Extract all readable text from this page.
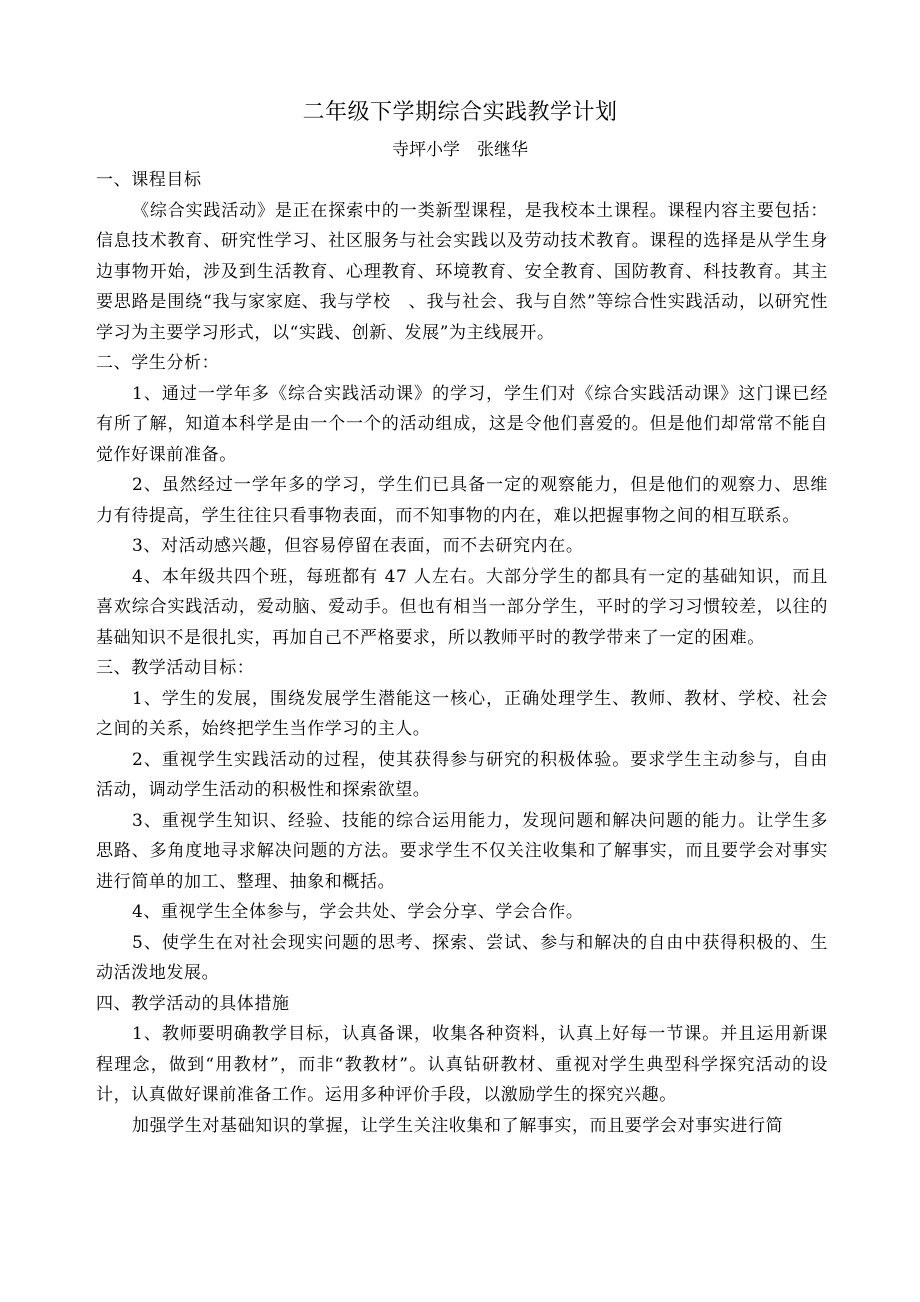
二年级下学期综合实践教学计划
寺坪小学　张继华

一、课程目标

《综合实践活动》是正在探索中的一类新型课程，是我校本土课程。课程内容主要包括：信息技术教育、研究性学习、社区服务与社会实践以及劳动技术教育。课程的选择是从学生身边事物开始，涉及到生活教育、心理教育、环境教育、安全教育、国防教育、科技教育。其主要思路是围绕“我与家家庭、我与学校　、我与社会、我与自然”等综合性实践活动，以研究性学习为主要学习形式，以“实践、创新、发展”为主线展开。

二、学生分析：

1、通过一学年多《综合实践活动课》的学习，学生们对《综合实践活动课》这门课已经有所了解，知道本科学是由一个一个的活动组成，这是令他们喜爱的。但是他们却常常不能自觉作好课前准备。

2、虽然经过一学年多的学习，学生们已具备一定的观察能力，但是他们的观察力、思维力有待提高，学生往往只看事物表面，而不知事物的内在，难以把握事物之间的相互联系。

3、对活动感兴趣，但容易停留在表面，而不去研究内在。

4、本年级共四个班，每班都有 47 人左右。大部分学生的都具有一定的基础知识，而且喜欢综合实践活动，爱动脑、爱动手。但也有相当一部分学生，平时的学习习惯较差，以往的基础知识不是很扎实，再加自己不严格要求，所以教师平时的教学带来了一定的困难。

三、教学活动目标：

1、学生的发展，围绕发展学生潜能这一核心，正确处理学生、教师、教材、学校、社会之间的关系，始终把学生当作学习的主人。

2、重视学生实践活动的过程，使其获得参与研究的积极体验。要求学生主动参与，自由活动，调动学生活动的积极性和探索欲望。

3、重视学生知识、经验、技能的综合运用能力，发现问题和解决问题的能力。让学生多思路、多角度地寻求解决问题的方法。要求学生不仅关注收集和了解事实，而且要学会对事实进行简单的加工、整理、抽象和概括。

4、重视学生全体参与，学会共处、学会分享、学会合作。

5、使学生在对社会现实问题的思考、探索、尝试、参与和解决的自由中获得积极的、生动活泼地发展。

四、教学活动的具体措施

1、教师要明确教学目标，认真备课，收集各种资料，认真上好每一节课。并且运用新课程理念，做到“用教材”，而非“教教材”。认真钻研教材、重视对学生典型科学探究活动的设计，认真做好课前准备工作。运用多种评价手段，以激励学生的探究兴趣。

加强学生对基础知识的掌握，让学生关注收集和了解事实，而且要学会对事实进行简
